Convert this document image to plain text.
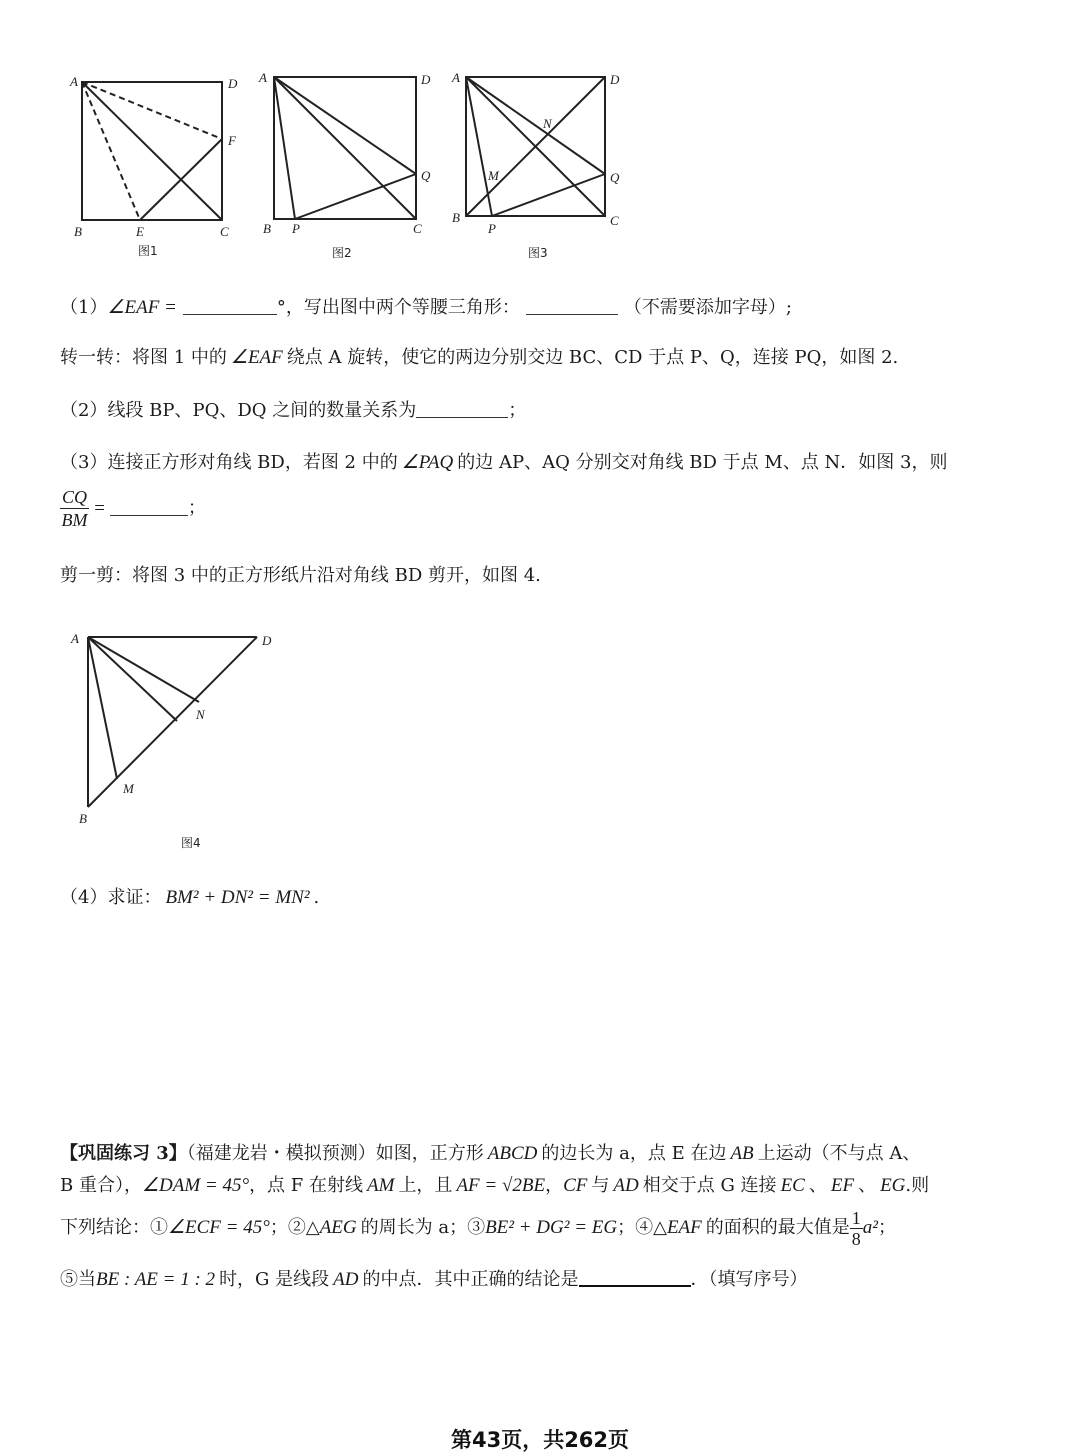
A	D
F
B	E	C
图1
A	D
Q
B P	C
图2
A	D
N
M	Q
B
P
C
图3
（1）∠EAF =	°，写出图中两个等腰三角形：	（不需要添加字母）;
转一转：将图 1 中的 ∠EAF 绕点 A 旋转，使它的两边分别交边 BC、CD 于点 P、Q，连接 PQ，如图 2.
（2）线段 BP、PQ、DQ 之间的数量关系为	；
（3）连接正方形对角线 BD，若图 2 中的 ∠PAQ 的边 AP、AQ 分别交对角线 BD 于点 M、点 N．如图 3，则
$\frac{CQ}{BM}$ =	；
剪一剪：将图 3 中的正方形纸片沿对角线 BD 剪开，如图 4.
A	D
N
M
B
图4
（4）求证： BM² + DN² = MN² .
【巩固练习 3】（福建龙岩・模拟预测）如图，正方形 ABCD 的边长为 a，点 E 在边 AB 上运动（不与点 A、
B 重合），∠DAM = 45°，点 F 在射线 AM 上，且 AF = √2BE，CF 与 AD 相交于点 G 连接 EC 、 EF 、 EG.则
下列结论：①∠ECF = 45°；②△AEG 的周长为 a；③BE² + DG² = EG；④△EAF 的面积的最大值是 $\frac{1}{8} a^2$；
⑤当BE : AE = 1 : 2 时，G 是线段 AD 的中点．其中正确的结论是	．（填写序号）
第43页，共262页
